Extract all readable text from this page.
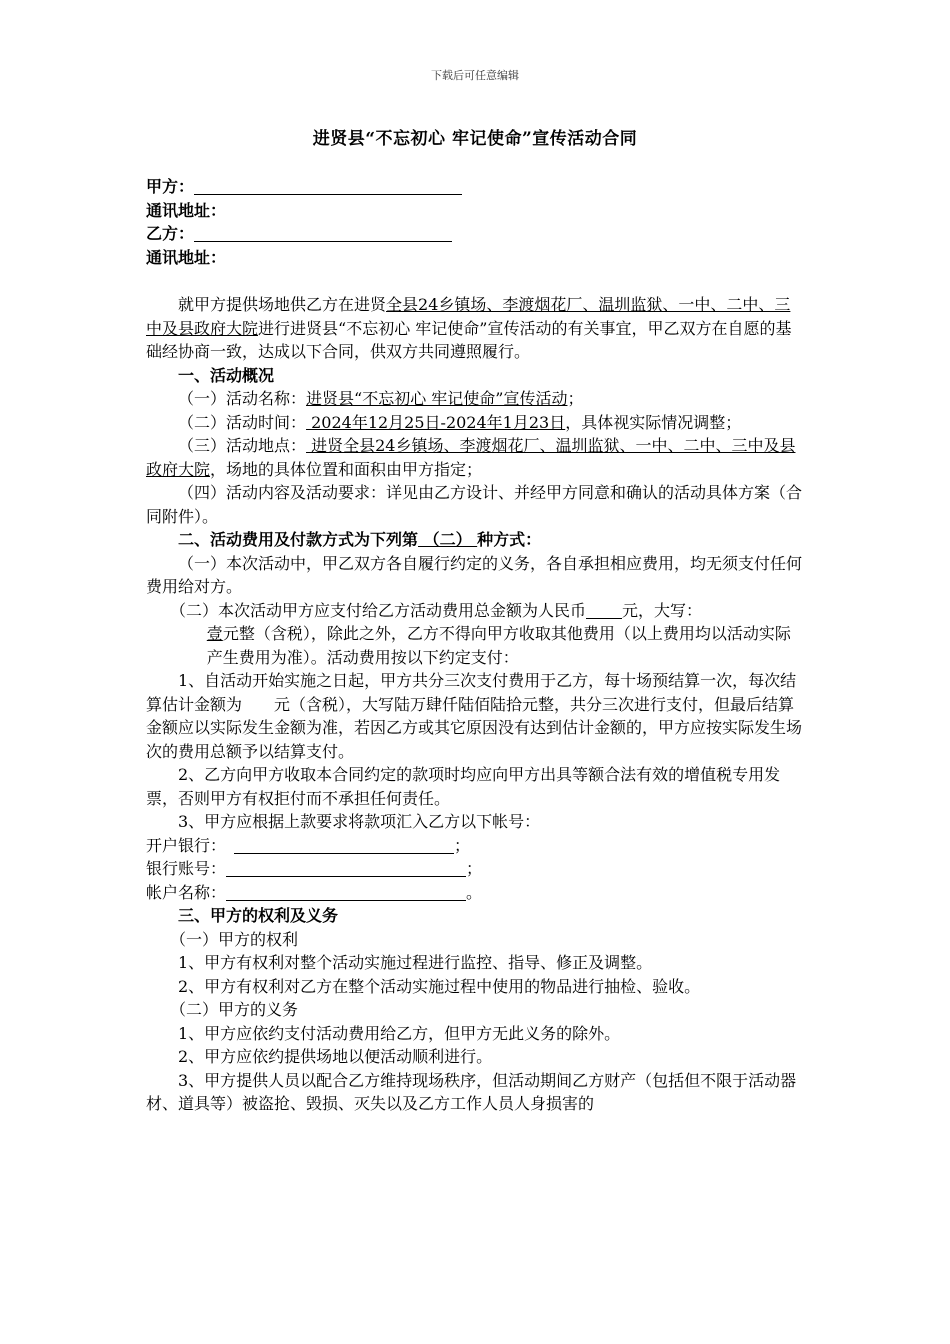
下载后可任意编辑
进贤县“不忘初心 牢记使命”宣传活动合同

甲方：

通讯地址：

乙方：

通讯地址：

就甲方提供场地供乙方在进贤全县24乡镇场、李渡烟花厂、温圳监狱、一中、二中、三中及县政府大院进行进贤县“不忘初心 牢记使命”宣传活动的有关事宜，甲乙双方在自愿的基础经协商一致，达成以下合同，供双方共同遵照履行。

一、活动概况

（一）活动名称：进贤县“不忘初心 牢记使命”宣传活动；

（二）活动时间： 2024年12月25日-2024年1月23日，具体视实际情况调整；

（三）活动地点： 进贤全县24乡镇场、李渡烟花厂、温圳监狱、一中、二中、三中及县政府大院，场地的具体位置和面积由甲方指定；

（四）活动内容及活动要求：详见由乙方设计、并经甲方同意和确认的活动具体方案（合同附件）。

二、活动费用及付款方式为下列第 （二） 种方式：

（一）本次活动中，甲乙双方各自履行约定的义务，各自承担相应费用，均无须支付任何费用给对方。

（二）本次活动甲方应支付给乙方活动费用总金额为人民币 元，大写：

壹元整（含税），除此之外，乙方不得向甲方收取其他费用（以上费用均以活动实际产生费用为准）。活动费用按以下约定支付：

1、自活动开始实施之日起，甲方共分三次支付费用于乙方，每十场预结算一次，每次结算估计金额为　　元（含税），大写陆万肆仟陆佰陆拾元整，共分三次进行支付，但最后结算金额应以实际发生金额为准，若因乙方或其它原因没有达到估计金额的，甲方应按实际发生场次的费用总额予以结算支付。

2、乙方向甲方收取本合同约定的款项时均应向甲方出具等额合法有效的增值税专用发票，否则甲方有权拒付而不承担任何责任。

3、甲方应根据上款要求将款项汇入乙方以下帐号：

开户银行：　	；

银行账号：	；

帐户名称：	。

三、甲方的权利及义务

（一）甲方的权利

1、甲方有权利对整个活动实施过程进行监控、指导、修正及调整。

2、甲方有权利对乙方在整个活动实施过程中使用的物品进行抽检、验收。

（二）甲方的义务

1、甲方应依约支付活动费用给乙方，但甲方无此义务的除外。

2、甲方应依约提供场地以便活动顺利进行。

3、甲方提供人员以配合乙方维持现场秩序，但活动期间乙方财产（包括但不限于活动器材、道具等）被盗抢、毁损、灭失以及乙方工作人员人身损害的
